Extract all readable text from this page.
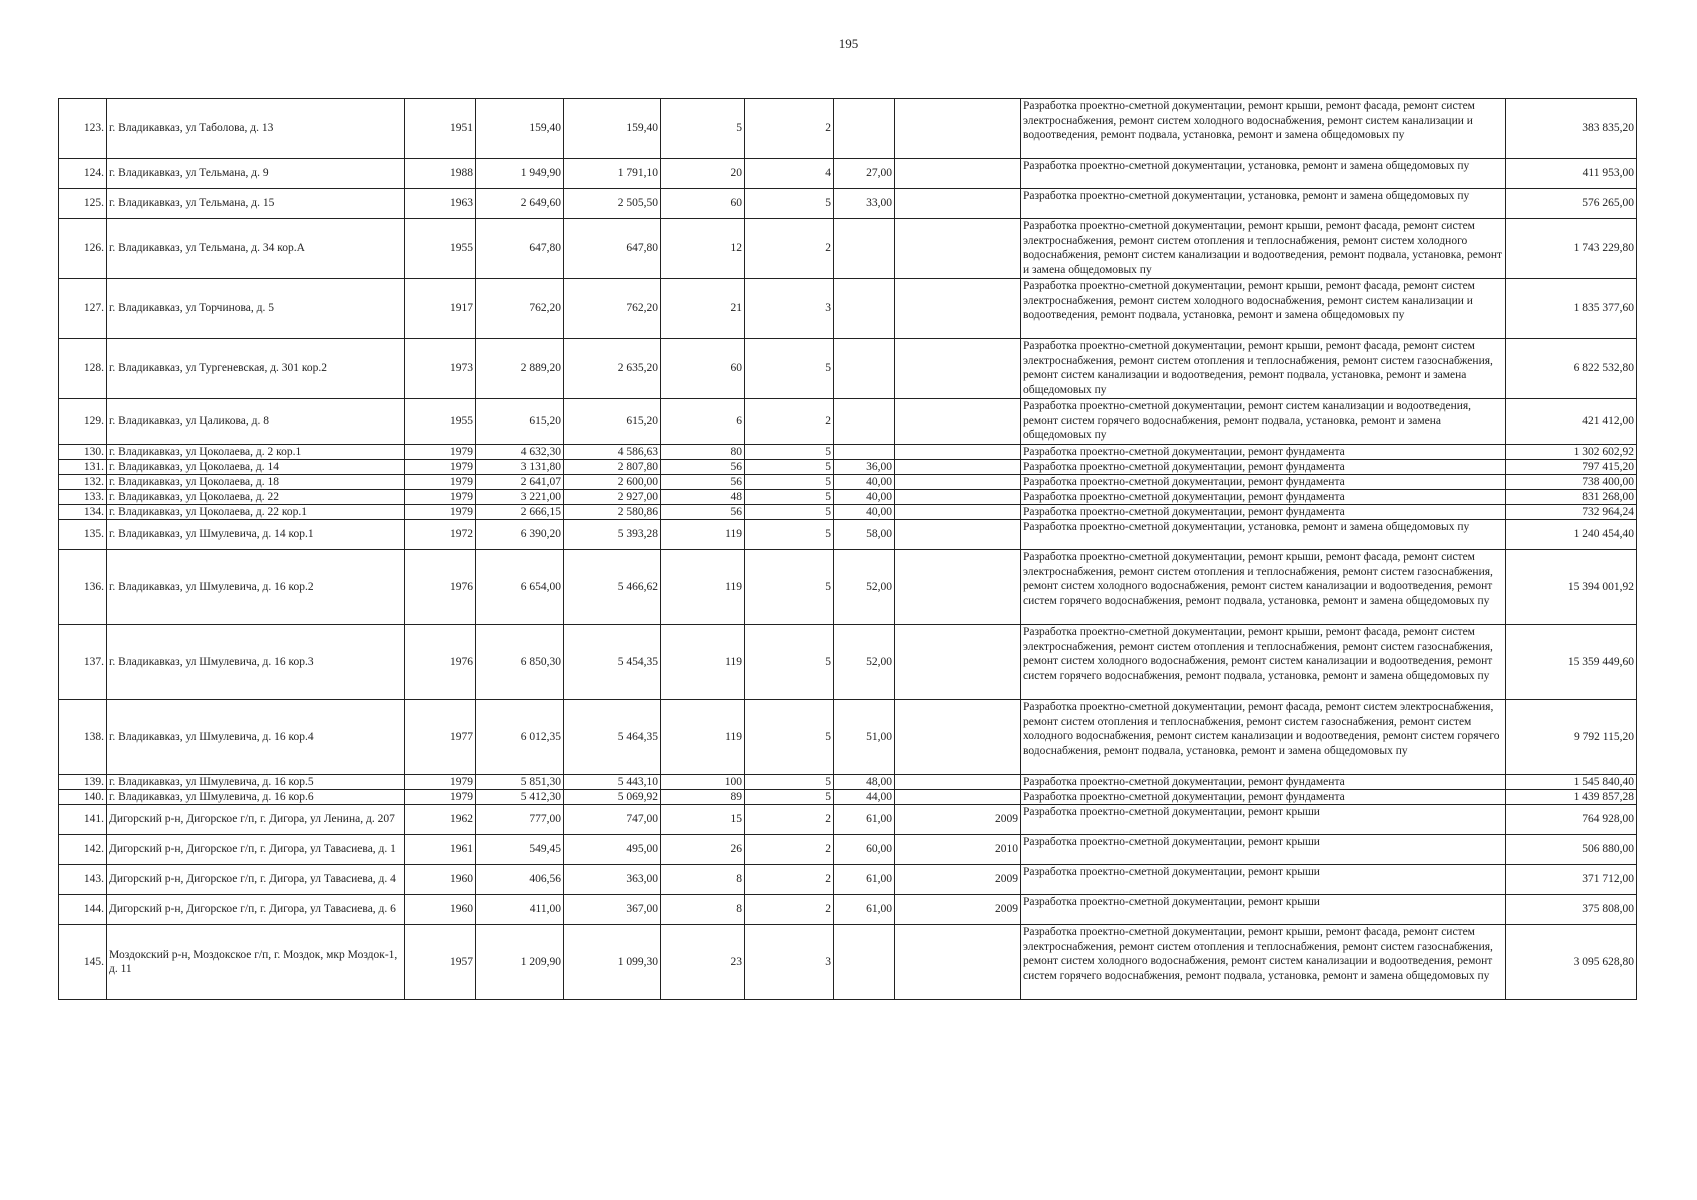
195
123.	г. Владикавказ, ул Таболова, д. 13	1951	159,40	159,40	5	2			Разработка проектно-сметной документации, ремонт крыши, ремонт фасада, ремонт систем электроснабжения, ремонт систем холодного водоснабжения, ремонт систем канализации и водоотведения, ремонт подвала, установка, ремонт и замена общедомовых пу	383 835,20
124.	г. Владикавказ, ул Тельмана, д. 9	1988	1 949,90	1 791,10	20	4	27,00		Разработка проектно-сметной документации, установка, ремонт и замена общедомовых пу	411 953,00
125.	г. Владикавказ, ул Тельмана, д. 15	1963	2 649,60	2 505,50	60	5	33,00		Разработка проектно-сметной документации, установка, ремонт и замена общедомовых пу	576 265,00
126.	г. Владикавказ, ул Тельмана, д. 34 кор.А	1955	647,80	647,80	12	2			Разработка проектно-сметной документации, ремонт крыши, ремонт фасада, ремонт систем электроснабжения, ремонт систем отопления и теплоснабжения, ремонт систем холодного водоснабжения, ремонт систем канализации и водоотведения, ремонт подвала, установка, ремонт и замена общедомовых пу	1 743 229,80
127.	г. Владикавказ, ул Торчинова, д. 5	1917	762,20	762,20	21	3			Разработка проектно-сметной документации, ремонт крыши, ремонт фасада, ремонт систем электроснабжения, ремонт систем холодного водоснабжения, ремонт систем канализации и водоотведения, ремонт подвала, установка, ремонт и замена общедомовых пу	1 835 377,60
128.	г. Владикавказ, ул Тургеневская, д. 301 кор.2	1973	2 889,20	2 635,20	60	5			Разработка проектно-сметной документации, ремонт крыши, ремонт фасада, ремонт систем электроснабжения, ремонт систем отопления и теплоснабжения, ремонт систем газоснабжения, ремонт систем канализации и водоотведения, ремонт подвала, установка, ремонт и замена общедомовых пу	6 822 532,80
129.	г. Владикавказ, ул Цаликова, д. 8	1955	615,20	615,20	6	2			Разработка проектно-сметной документации, ремонт систем канализации и водоотведения, ремонт систем горячего водоснабжения, ремонт подвала, установка, ремонт и замена общедомовых пу	421 412,00
130.	г. Владикавказ, ул Цоколаева, д. 2 кор.1	1979	4 632,30	4 586,63	80	5			Разработка проектно-сметной документации, ремонт фундамента	1 302 602,92
131.	г. Владикавказ, ул Цоколаева, д. 14	1979	3 131,80	2 807,80	56	5	36,00		Разработка проектно-сметной документации, ремонт фундамента	797 415,20
132.	г. Владикавказ, ул Цоколаева, д. 18	1979	2 641,07	2 600,00	56	5	40,00		Разработка проектно-сметной документации, ремонт фундамента	738 400,00
133.	г. Владикавказ, ул Цоколаева, д. 22	1979	3 221,00	2 927,00	48	5	40,00		Разработка проектно-сметной документации, ремонт фундамента	831 268,00
134.	г. Владикавказ, ул Цоколаева, д. 22 кор.1	1979	2 666,15	2 580,86	56	5	40,00		Разработка проектно-сметной документации, ремонт фундамента	732 964,24
135.	г. Владикавказ, ул Шмулевича, д. 14 кор.1	1972	6 390,20	5 393,28	119	5	58,00		Разработка проектно-сметной документации, установка, ремонт и замена общедомовых пу	1 240 454,40
136.	г. Владикавказ, ул Шмулевича, д. 16 кор.2	1976	6 654,00	5 466,62	119	5	52,00		Разработка проектно-сметной документации, ремонт крыши, ремонт фасада, ремонт систем электроснабжения, ремонт систем отопления и теплоснабжения, ремонт систем газоснабжения, ремонт систем холодного водоснабжения, ремонт систем канализации и водоотведения, ремонт систем горячего водоснабжения, ремонт подвала, установка, ремонт и замена общедомовых пу	15 394 001,92
137.	г. Владикавказ, ул Шмулевича, д. 16 кор.3	1976	6 850,30	5 454,35	119	5	52,00		Разработка проектно-сметной документации, ремонт крыши, ремонт фасада, ремонт систем электроснабжения, ремонт систем отопления и теплоснабжения, ремонт систем газоснабжения, ремонт систем холодного водоснабжения, ремонт систем канализации и водоотведения, ремонт систем горячего водоснабжения, ремонт подвала, установка, ремонт и замена общедомовых пу	15 359 449,60
138.	г. Владикавказ, ул Шмулевича, д. 16 кор.4	1977	6 012,35	5 464,35	119	5	51,00		Разработка проектно-сметной документации, ремонт фасада, ремонт систем электроснабжения, ремонт систем отопления и теплоснабжения, ремонт систем газоснабжения, ремонт систем холодного водоснабжения, ремонт систем канализации и водоотведения, ремонт систем горячего водоснабжения, ремонт подвала, установка, ремонт и замена общедомовых пу	9 792 115,20
139.	г. Владикавказ, ул Шмулевича, д. 16 кор.5	1979	5 851,30	5 443,10	100	5	48,00		Разработка проектно-сметной документации, ремонт фундамента	1 545 840,40
140.	г. Владикавказ, ул Шмулевича, д. 16 кор.6	1979	5 412,30	5 069,92	89	5	44,00		Разработка проектно-сметной документации, ремонт фундамента	1 439 857,28
141.	Дигорский р-н, Дигорское г/п, г. Дигора, ул Ленина, д. 207	1962	777,00	747,00	15	2	61,00	2009	Разработка проектно-сметной документации, ремонт крыши	764 928,00
142.	Дигорский р-н, Дигорское г/п, г. Дигора, ул Тавасиева, д. 1	1961	549,45	495,00	26	2	60,00	2010	Разработка проектно-сметной документации, ремонт крыши	506 880,00
143.	Дигорский р-н, Дигорское г/п, г. Дигора, ул Тавасиева, д. 4	1960	406,56	363,00	8	2	61,00	2009	Разработка проектно-сметной документации, ремонт крыши	371 712,00
144.	Дигорский р-н, Дигорское г/п, г. Дигора, ул Тавасиева, д. 6	1960	411,00	367,00	8	2	61,00	2009	Разработка проектно-сметной документации, ремонт крыши	375 808,00
145.	Моздокский р-н, Моздокское г/п, г. Моздок, мкр Моздок-1, д. 11	1957	1 209,90	1 099,30	23	3			Разработка проектно-сметной документации, ремонт крыши, ремонт фасада, ремонт систем электроснабжения, ремонт систем отопления и теплоснабжения, ремонт систем газоснабжения, ремонт систем холодного водоснабжения, ремонт систем канализации и водоотведения, ремонт систем горячего водоснабжения, ремонт подвала, установка, ремонт и замена общедомовых пу	3 095 628,80
